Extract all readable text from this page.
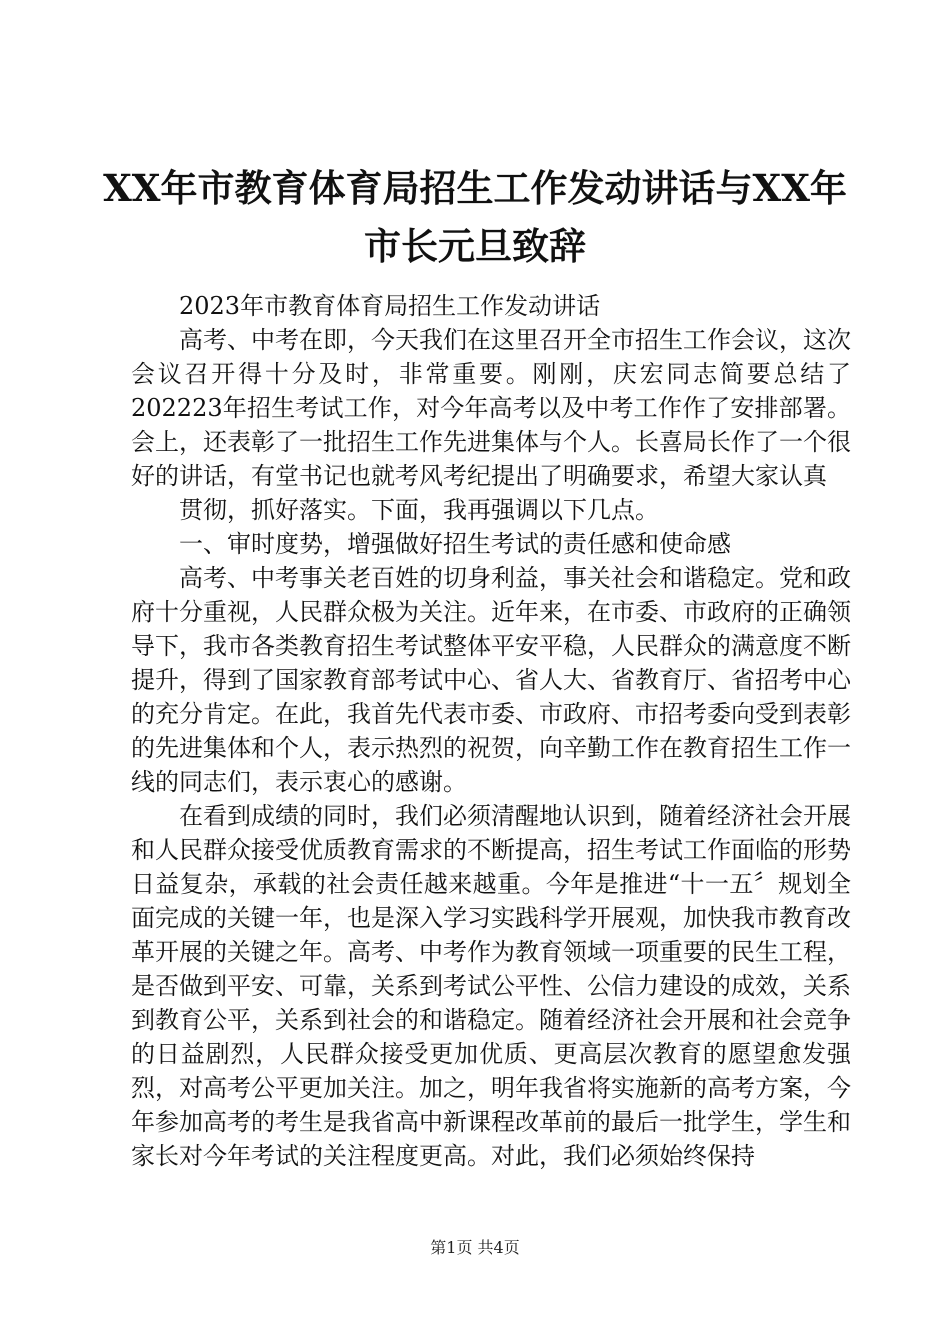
XX年市教育体育局招生工作发动讲话与XX年
市长元旦致辞

2023年市教育体育局招生工作发动讲话

高考、中考在即，今天我们在这里召开全市招生工作会议，这次会议召开得十分及时，非常重要。刚刚，庆宏同志简要总结了202223年招生考试工作，对今年高考以及中考工作作了安排部署。会上，还表彰了一批招生工作先进集体与个人。长喜局长作了一个很好的讲话，有堂书记也就考风考纪提出了明确要求，希望大家认真

贯彻，抓好落实。下面，我再强调以下几点。

一、审时度势，增强做好招生考试的责任感和使命感

高考、中考事关老百姓的切身利益，事关社会和谐稳定。党和政府十分重视，人民群众极为关注。近年来，在市委、市政府的正确领导下，我市各类教育招生考试整体平安平稳，人民群众的满意度不断提升，得到了国家教育部考试中心、省人大、省教育厅、省招考中心的充分肯定。在此，我首先代表市委、市政府、市招考委向受到表彰的先进集体和个人，表示热烈的祝贺，向辛勤工作在教育招生工作一线的同志们，表示衷心的感谢。

在看到成绩的同时，我们必须清醒地认识到，随着经济社会开展和人民群众接受优质教育需求的不断提高，招生考试工作面临的形势日益复杂，承载的社会责任越来越重。今年是推进“十一五〞规划全面完成的关键一年，也是深入学习实践科学开展观，加快我市教育改革开展的关键之年。高考、中考作为教育领域一项重要的民生工程，是否做到平安、可靠，关系到考试公平性、公信力建设的成效，关系到教育公平，关系到社会的和谐稳定。随着经济社会开展和社会竞争的日益剧烈，人民群众接受更加优质、更高层次教育的愿望愈发强烈，对高考公平更加关注。加之，明年我省将实施新的高考方案，今年参加高考的考生是我省高中新课程改革前的最后一批学生，学生和家长对今年考试的关注程度更高。对此，我们必须始终保持

第1页 共4页
